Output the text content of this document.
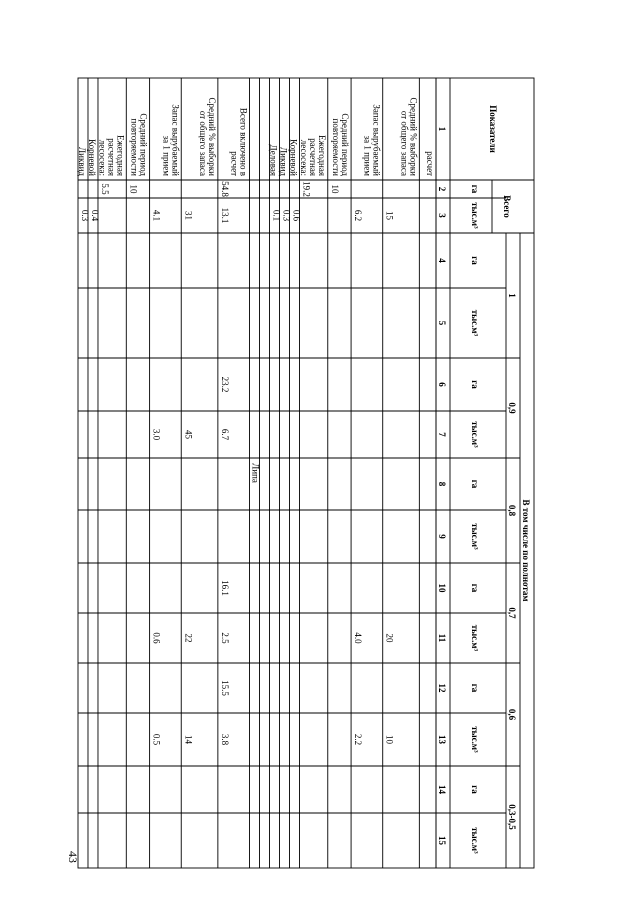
Показатели
Всего
В том числе по полнотам
1
0,9
0,8
0,7
0,6
0,3-0,5
га
тыс.м³
га
тыс.м³
га
тыс.м³
га
тыс.м³
га
тыс.м³
га
тыс.м³
га
тыс.м³
1
2
3
4
5
6
7
8
9
10
11
12
13
14
15
расчет
Средний % выборки
от общего запаса
15
20
10
Запас вырубаемый
за 1 прием
6.2
4.0
2.2
Средний период
повторяемости
10
Ежегодная
расчетная
лесосека:
19.2
Корневой
0.6
Ликвид
0.3
Деловая
0.1
Липа
Всего включено в
расчет
54.8
13.1
23.2
6.7
16.1
2.5
15.5
3.8
Средний % выборки
от общего запаса
31
45
22
14
Запас вырубаемый
за 1 прием
4.1
3.0
0.6
0.5
Средний период
повторяемости
10
Ежегодная
расчетная
лесосека:
5.5
Корневой
0.4
Ликвид
0.3
43
